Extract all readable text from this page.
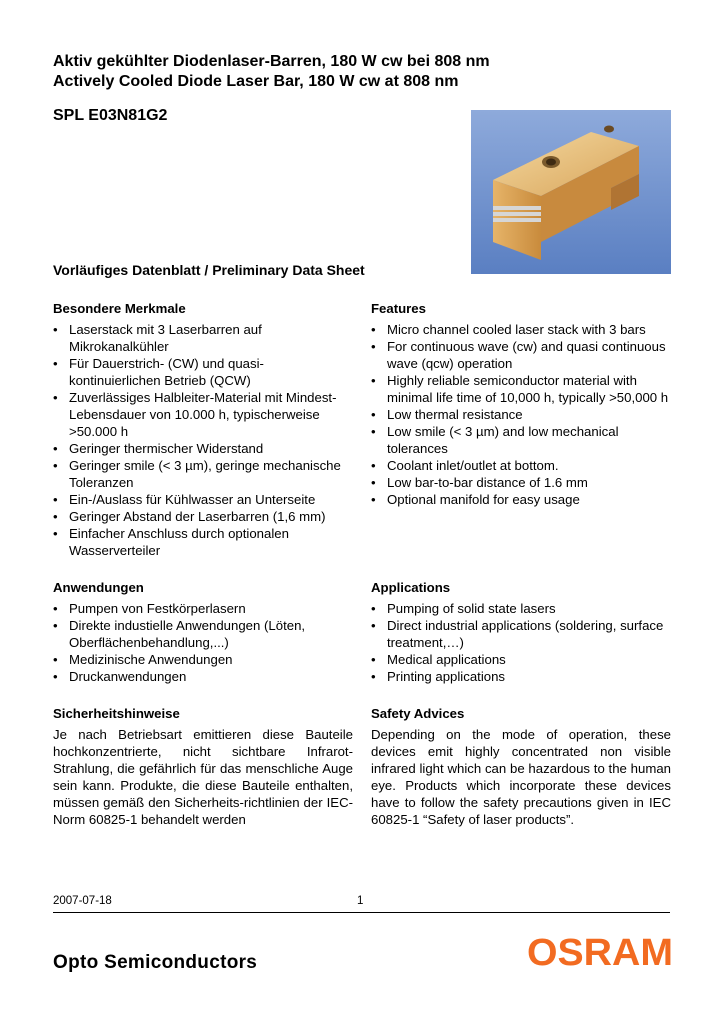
Aktiv gekühlter Diodenlaser-Barren, 180 W cw bei 808 nm
Actively Cooled Diode Laser Bar, 180 W cw at 808 nm
SPL E03N81G2
Vorläufiges Datenblatt / Preliminary Data Sheet
Besondere Merkmale
• Laserstack mit 3 Laserbarren auf Mikrokanalkühler
• Für Dauerstrich- (CW) und quasi-kontinuierlichen Betrieb (QCW)
• Zuverlässiges Halbleiter-Material mit Mindest-Lebensdauer von 10.000 h, typischerweise >50.000 h
• Geringer thermischer Widerstand
• Geringer smile (< 3 µm), geringe mechanische Toleranzen
• Ein-/Auslass für Kühlwasser an Unterseite
• Geringer Abstand der Laserbarren (1,6 mm)
• Einfacher Anschluss durch optionalen Wasserverteiler
Features
• Micro channel cooled laser stack with 3 bars
• For continuous wave (cw) and quasi continuous wave (qcw) operation
• Highly reliable semiconductor material with minimal life time of 10,000 h, typically >50,000 h
• Low thermal resistance
• Low smile (< 3 µm) and low mechanical tolerances
• Coolant inlet/outlet at bottom.
• Low bar-to-bar distance of 1.6 mm
• Optional manifold for easy usage
Anwendungen
• Pumpen von Festkörperlasern
• Direkte industielle Anwendungen (Löten, Oberflächenbehandlung,...)
• Medizinische Anwendungen
• Druckanwendungen
Applications
• Pumping of solid state lasers
• Direct industrial applications (soldering, surface treatment,…)
• Medical applications
• Printing applications
Sicherheitshinweise

Je nach Betriebsart emittieren diese Bauteile hochkonzentrierte, nicht sichtbare Infrarot-Strahlung, die gefährlich für das menschliche Auge sein kann. Produkte, die diese Bauteile enthalten, müssen gemäß den Sicherheits-richtlinien der IEC-Norm 60825-1 behandelt werden

Safety Advices

Depending on the mode of operation, these devices emit highly concentrated non visible infrared light which can be hazardous to the human eye. Products which incorporate these devices have to follow the safety precautions given in IEC 60825-1 “Safety of laser products”.

2007-07-18	1
Opto Semiconductors	OSRAM
